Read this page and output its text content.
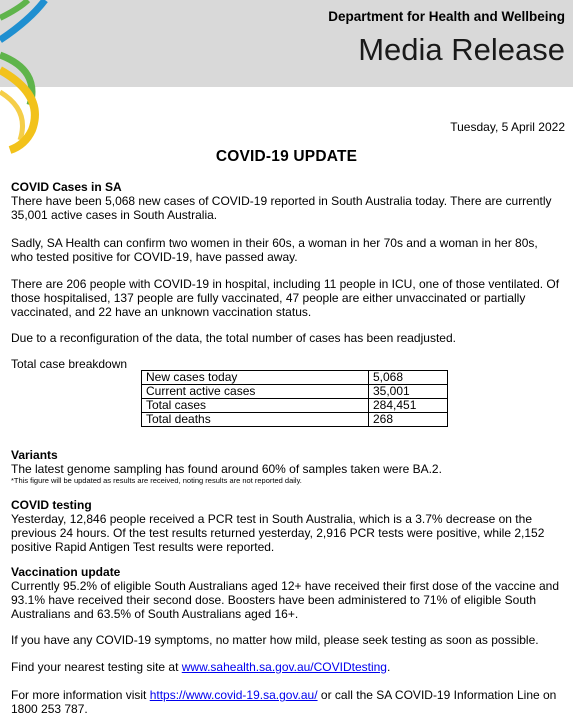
Department for Health and Wellbeing
Media Release
Tuesday, 5 April 2022
COVID-19 UPDATE
COVID Cases in SA
There have been 5,068 new cases of COVID-19 reported in South Australia today. There are currently 35,001 active cases in South Australia.
Sadly, SA Health can confirm two women in their 60s, a woman in her 70s and a woman in her 80s, who tested positive for COVID-19, have passed away.
There are 206 people with COVID-19 in hospital, including 11 people in ICU, one of those ventilated. Of those hospitalised, 137 people are fully vaccinated, 47 people are either unvaccinated or partially vaccinated, and 22 have an unknown vaccination status.
Due to a reconfiguration of the data, the total number of cases has been readjusted.
Total case breakdown
New cases today	5,068
Current active cases	35,001
Total cases	284,451
Total deaths	268
Variants
The latest genome sampling has found around 60% of samples taken were BA.2.
*This figure will be updated as results are received, noting results are not reported daily.
COVID testing
Yesterday, 12,846 people received a PCR test in South Australia, which is a 3.7% decrease on the previous 24 hours. Of the test results returned yesterday, 2,916 PCR tests were positive, while 2,152 positive Rapid Antigen Test results were reported.
Vaccination update
Currently 95.2% of eligible South Australians aged 12+ have received their first dose of the vaccine and 93.1% have received their second dose. Boosters have been administered to 71% of eligible South Australians and 63.5% of South Australians aged 16+.
If you have any COVID-19 symptoms, no matter how mild, please seek testing as soon as possible.
Find your nearest testing site at www.sahealth.sa.gov.au/COVIDtesting.
For more information visit https://www.covid-19.sa.gov.au/ or call the SA COVID-19 Information Line on 1800 253 787.
